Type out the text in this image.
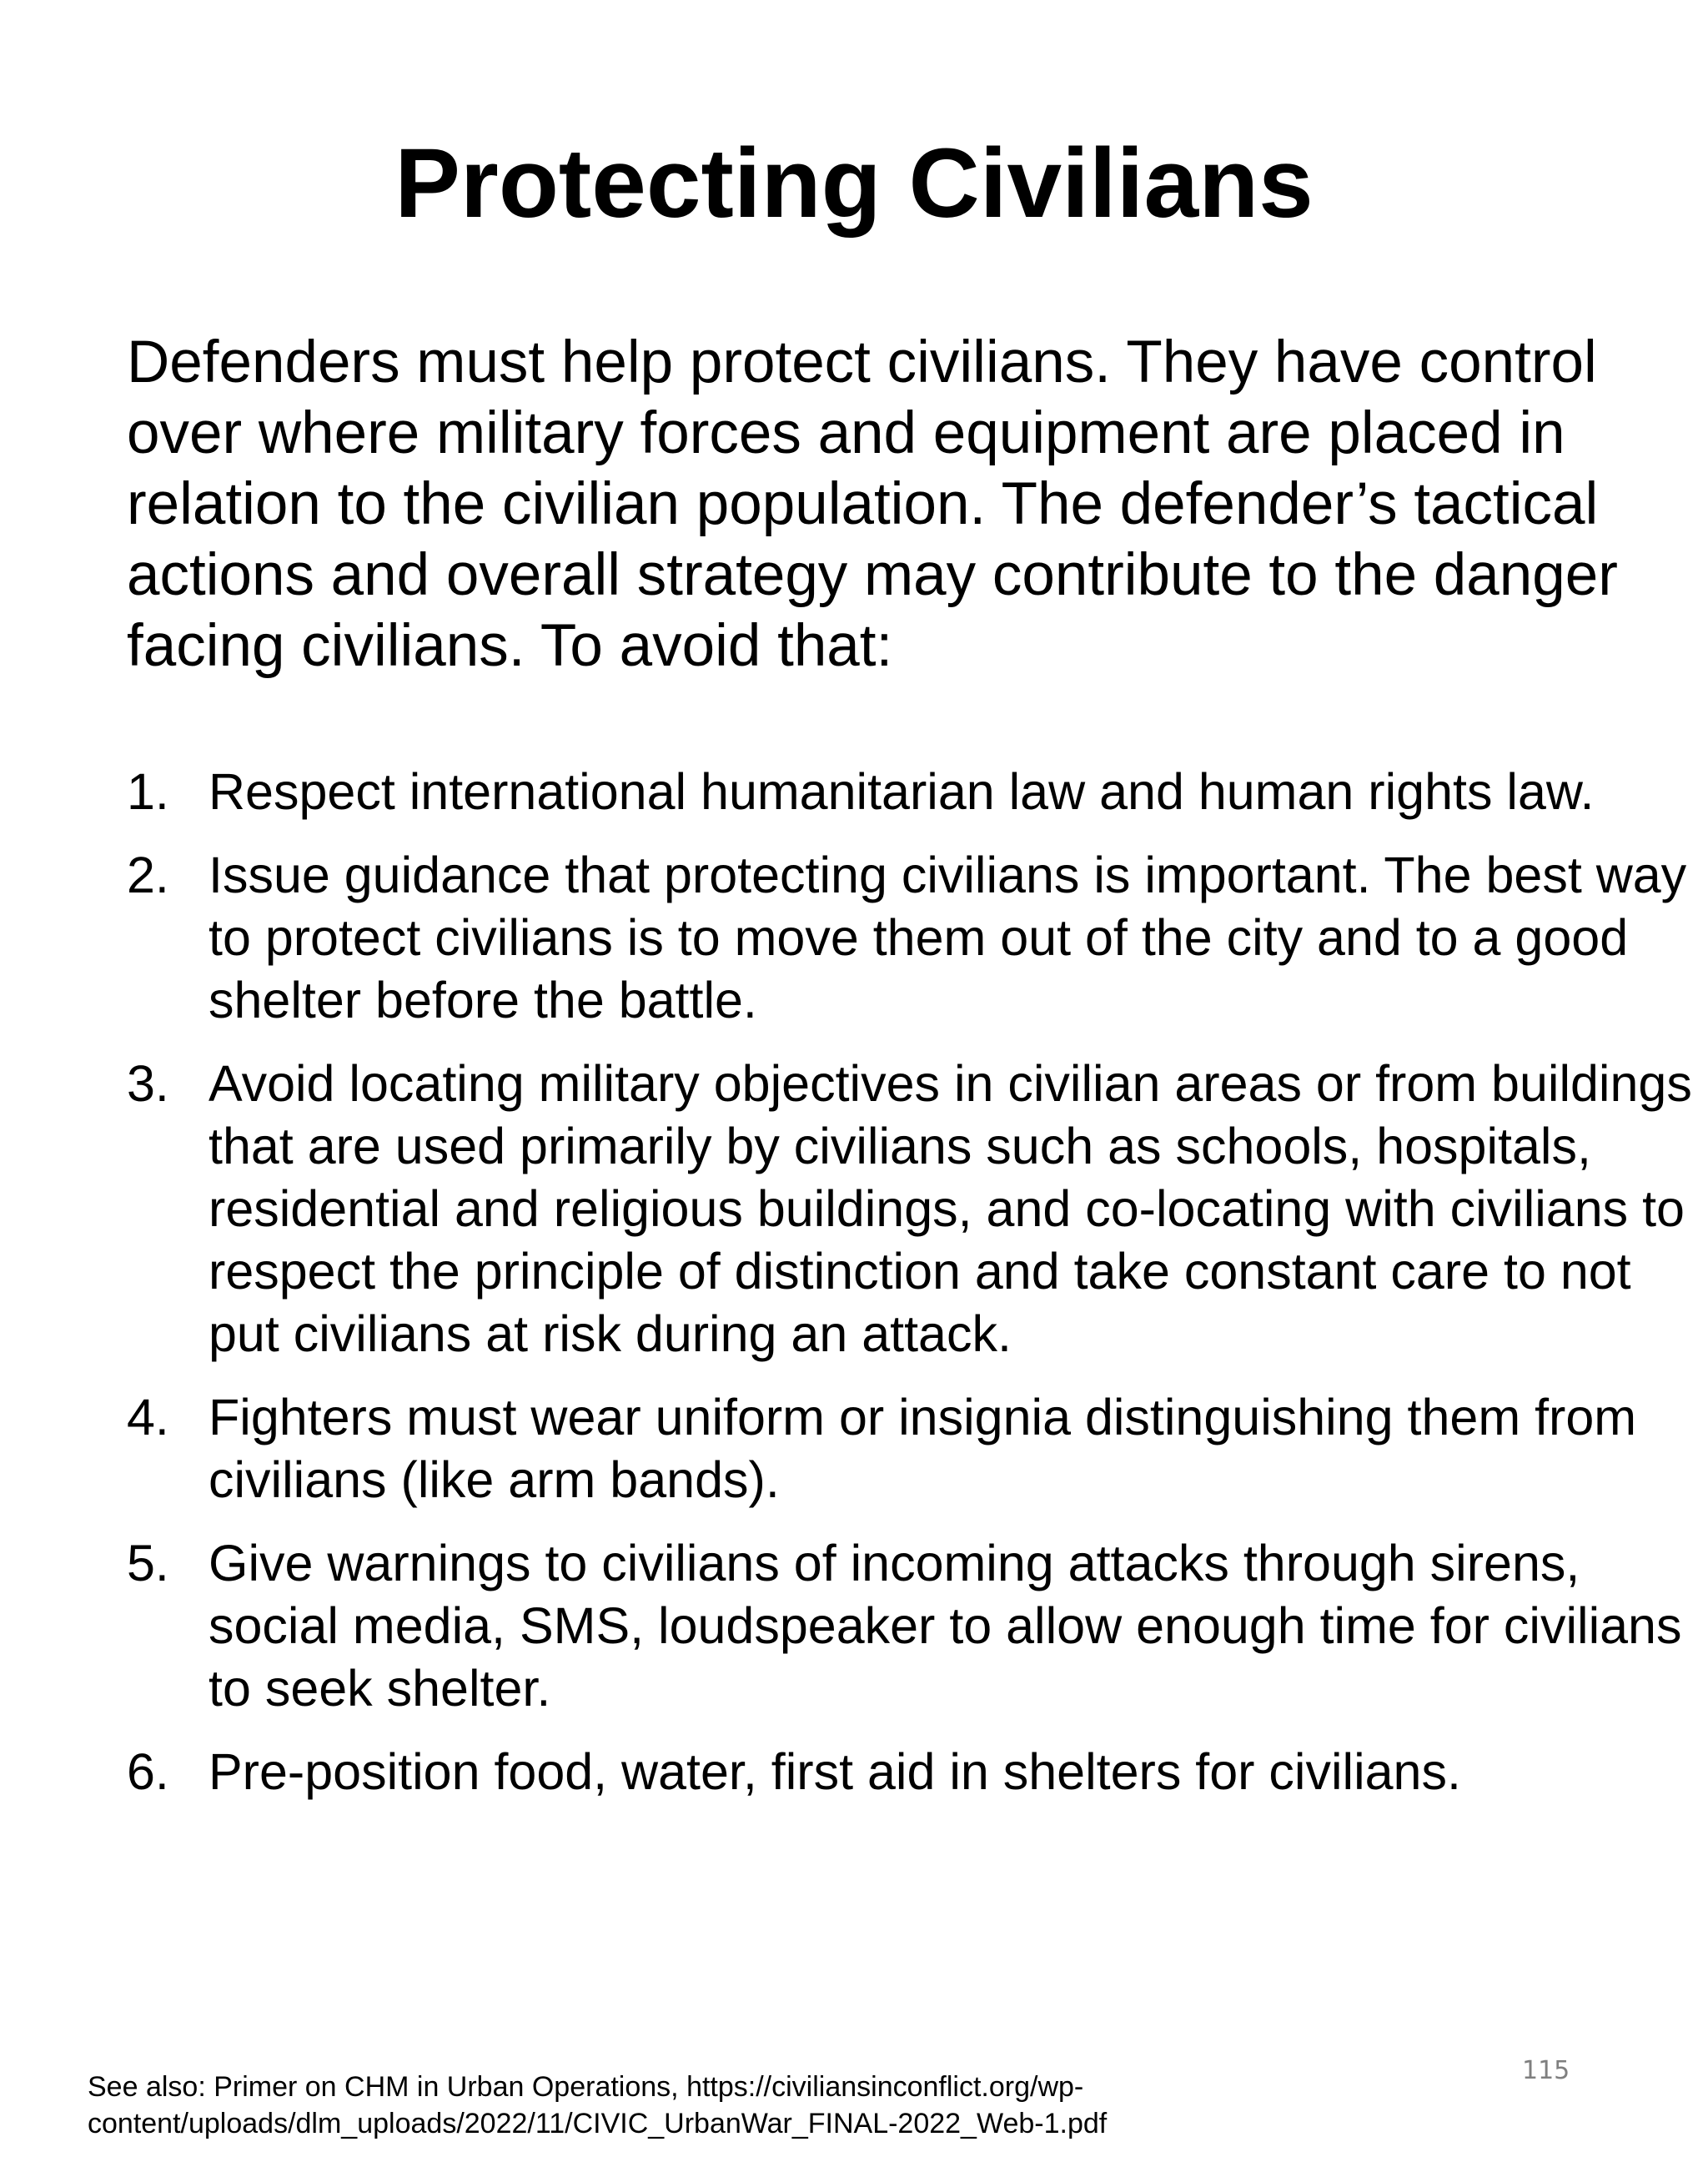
Protecting Civilians

Defenders must help protect civilians. They have control over where military forces and equipment are placed in relation to the civilian population. The defender’s tactical actions and overall strategy may contribute to the danger facing civilians. To avoid that:

1. Respect international humanitarian law and human rights law.
2. Issue guidance that protecting civilians is important. The best way to protect civilians is to move them out of the city and to a good shelter before the battle.
3. Avoid locating military objectives in civilian areas or from buildings that are used primarily by civilians such as schools, hospitals, residential and religious buildings, and co-locating with civilians to respect the principle of distinction and take constant care to not put civilians at risk during an attack.
4. Fighters must wear uniform or insignia distinguishing them from civilians (like arm bands).
5. Give warnings to civilians of incoming attacks through sirens, social media, SMS, loudspeaker to allow enough time for civilians to seek shelter.
6. Pre-position food, water, first aid in shelters for civilians.
See also: Primer on CHM in Urban Operations, https://civiliansinconflict.org/wp-
content/uploads/dlm_uploads/2022/11/CIVIC_UrbanWar_FINAL-2022_Web-1.pdf
115
